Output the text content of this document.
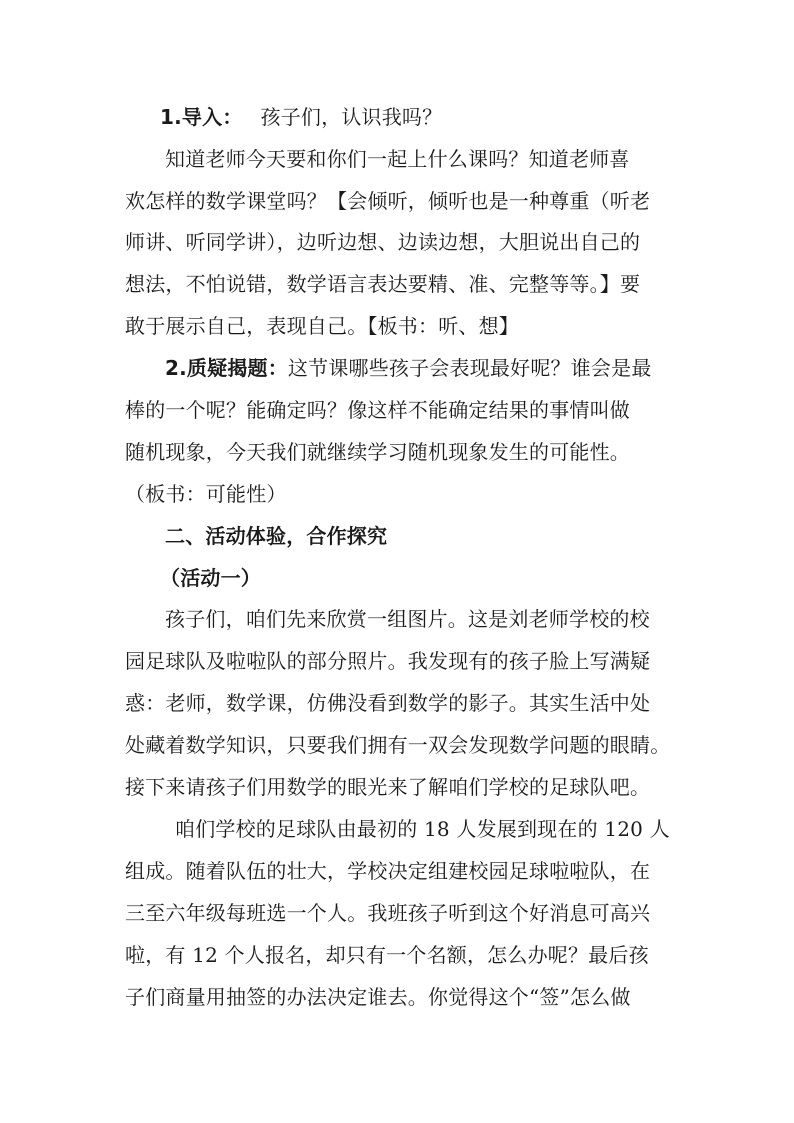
1.导入： 孩子们，认识我吗？
知道老师今天要和你们一起上什么课吗？知道老师喜
欢怎样的数学课堂吗？【会倾听，倾听也是一种尊重（听老
师讲、听同学讲），边听边想、边读边想，大胆说出自己的
想法，不怕说错，数学语言表达要精、准、完整等等。】要
敢于展示自己，表现自己。【板书：听、想】
2.质疑揭题：这节课哪些孩子会表现最好呢？谁会是最
棒的一个呢？能确定吗？像这样不能确定结果的事情叫做
随机现象，今天我们就继续学习随机现象发生的可能性。
（板书：可能性）
二、活动体验，合作探究
（活动一）
孩子们，咱们先来欣赏一组图片。这是刘老师学校的校
园足球队及啦啦队的部分照片。我发现有的孩子脸上写满疑
惑：老师，数学课，仿佛没看到数学的影子。其实生活中处
处藏着数学知识，只要我们拥有一双会发现数学问题的眼睛。
接下来请孩子们用数学的眼光来了解咱们学校的足球队吧。
咱们学校的足球队由最初的 18 人发展到现在的 120 人
组成。随着队伍的壮大，学校决定组建校园足球啦啦队，在
三至六年级每班选一个人。我班孩子听到这个好消息可高兴
啦，有 12 个人报名，却只有一个名额，怎么办呢？最后孩
子们商量用抽签的办法决定谁去。你觉得这个“签”怎么做
